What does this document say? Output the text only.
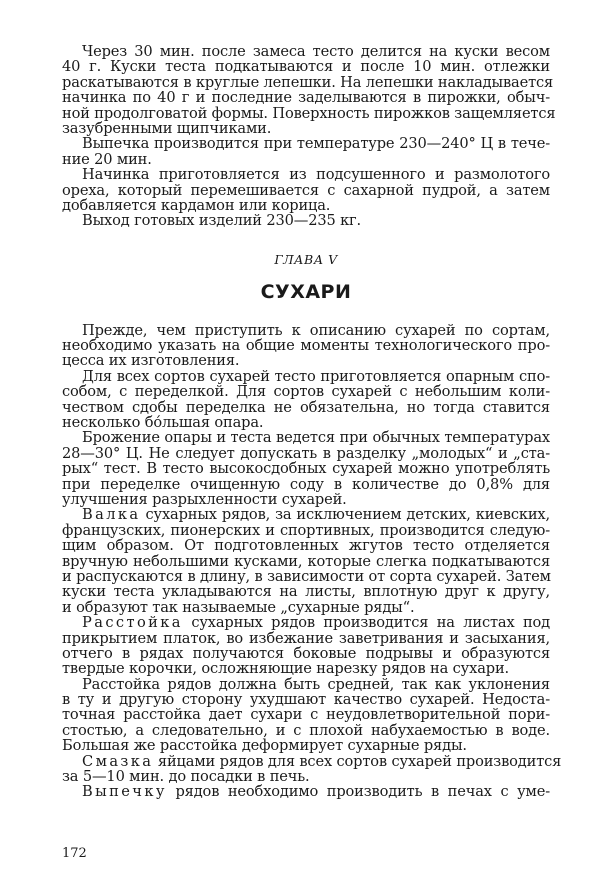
Через 30 мин. после замеса тесто делится на куски весом
40 г. Куски теста подкатываются и после 10 мин. отлежки
раскатываются в круглые лепешки. На лепешки накладывается
начинка по 40 г и последние заделываются в пирожки, обыч-
ной продолговатой формы. Поверхность пирожков защемляется
зазубренными щипчиками.
Выпечка производится при температуре 230—240° Ц в тече-
ние 20 мин.
Начинка приготовляется из подсушенного и размолотого
ореха, который перемешивается с сахарной пудрой, а затем
добавляется кардамон или корица.
Выход готовых изделий 230—235 кг.
ГЛАВА V
СУХАРИ
Прежде, чем приступить к описанию сухарей по сортам,
необходимо указать на общие моменты технологического про-
цесса их изготовления.
Для всех сортов сухарей тесто приготовляется опарным спо-
собом, с переделкой. Для сортов сухарей с небольшим коли-
чеством сдобы переделка не обязательна, но тогда ставится
несколько бо́льшая опара.
Брожение опары и теста ведется при обычных температурах
28—30° Ц. Не следует допускать в разделку „молодых“ и „ста-
рых“ тест. В тесто высокосдобных сухарей можно употреблять
при переделке очищенную соду в количестве до 0,8% для
улучшения разрыхленности сухарей.
Валка сухарных рядов, за исключением детских, киевских,
французских, пионерских и спортивных, производится следую-
щим образом. От подготовленных жгутов тесто отделяется
вручную небольшими кусками, которые слегка подкатываются
и распускаются в длину, в зависимости от сорта сухарей. Затем
куски теста укладываются на листы, вплотную друг к другу,
и образуют так называемые „сухарные ряды“.
Расстойка сухарных рядов производится на листах под
прикрытием платок, во избежание заветривания и засыхания,
отчего в рядах получаются боковые подрывы и образуются
твердые корочки, осложняющие нарезку рядов на сухари.
Расстойка рядов должна быть средней, так как уклонения
в ту и другую сторону ухудшают качество сухарей. Недоста-
точная расстойка дает сухари с неудовлетворительной пори-
стостью, а следовательно, и с плохой набухаемостью в воде.
Большая же расстойка деформирует сухарные ряды.
Смазка яйцами рядов для всех сортов сухарей производится
за 5—10 мин. до посадки в печь.
Выпечку рядов необходимо производить в печах с уме-
172
